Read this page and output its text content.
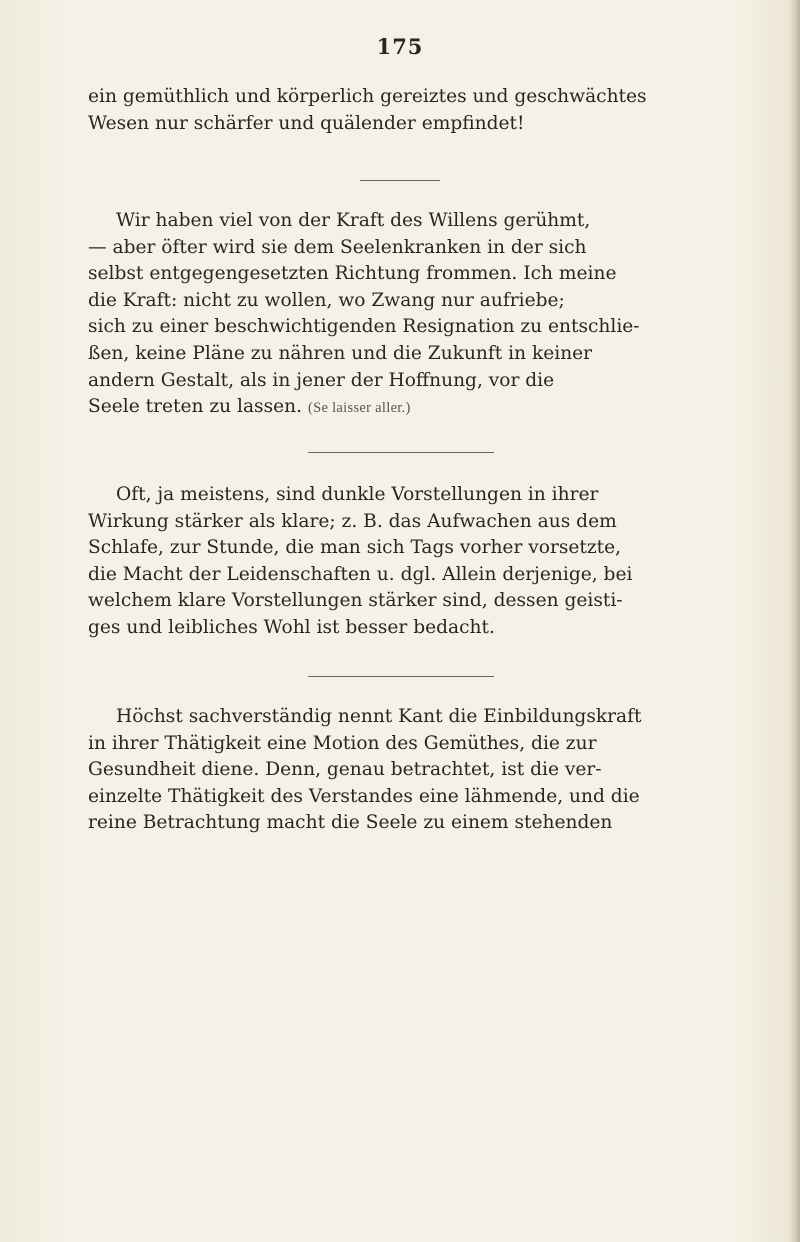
175

ein gemüthlich und körperlich gereiztes und geschwächtes
Wesen nur schärfer und quälender empfindet!

Wir haben viel von der Kraft des Willens gerühmt,
— aber öfter wird sie dem Seelenkranken in der sich
selbst entgegengesetzten Richtung frommen. Ich meine
die Kraft: nicht zu wollen, wo Zwang nur aufriebe;
sich zu einer beschwichtigenden Resignation zu entschlie-
ßen, keine Pläne zu nähren und die Zukunft in keiner
andern Gestalt, als in jener der Hoffnung, vor die
Seele treten zu lassen. (Se laisser aller.)

Oft, ja meistens, sind dunkle Vorstellungen in ihrer
Wirkung stärker als klare; z. B. das Aufwachen aus dem
Schlafe, zur Stunde, die man sich Tags vorher vorsetzte,
die Macht der Leidenschaften u. dgl. Allein derjenige, bei
welchem klare Vorstellungen stärker sind, dessen geisti-
ges und leibliches Wohl ist besser bedacht.

Höchst sachverständig nennt Kant die Einbildungskraft
in ihrer Thätigkeit eine Motion des Gemüthes, die zur
Gesundheit diene. Denn, genau betrachtet, ist die ver-
einzelte Thätigkeit des Verstandes eine lähmende, und die
reine Betrachtung macht die Seele zu einem stehenden
